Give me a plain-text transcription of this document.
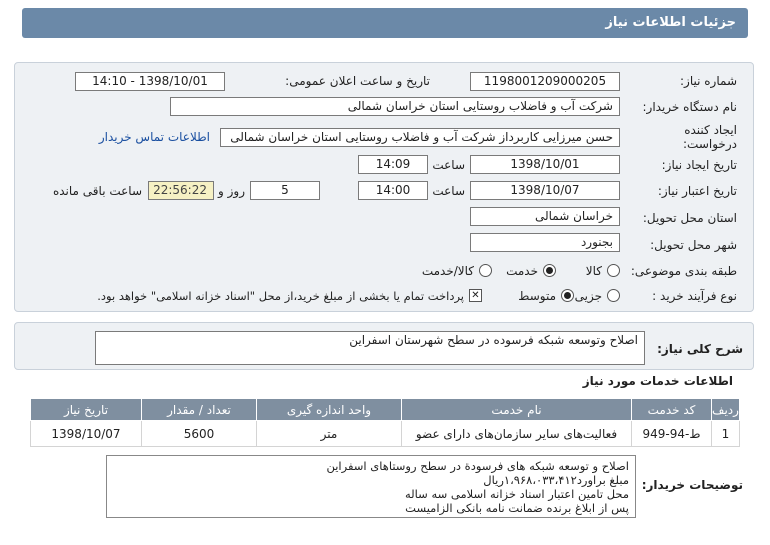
جزئیات اطلاعات نیاز
شماره نیاز:
1198001209000205
تاریخ و ساعت اعلان عمومی:
1398/10/01 - 14:10
نام دستگاه خریدار:
شرکت آب و فاضلاب روستایی استان خراسان شمالی
ایجاد کننده درخواست:
حسن میرزایی کاربرداز شرکت آب و فاضلاب روستایی استان خراسان شمالی
اطلاعات تماس خریدار
تاریخ ایجاد نیاز:
1398/10/01
ساعت
14:09
تاریخ اعتبار نیاز:
1398/10/07
ساعت
14:00
5
روز و
22:56:22
ساعت باقی مانده
استان محل تحویل:
خراسان شمالی
شهر محل تحویل:
بجنورد
طبقه بندی موضوعی:
کالا
خدمت
کالا/خدمت
نوع فرآیند خرید :
جزیی
متوسط
✕
پرداخت تمام یا بخشی از مبلغ خرید،از محل "اسناد خزانه اسلامی" خواهد بود.
شرح کلی نیاز:
اصلاح وتوسعه شبکه فرسوده در سطح شهرستان اسفراین
اطلاعات خدمات مورد نیاز
ردیف	کد خدمت	نام خدمت	واحد اندازه گیری	تعداد / مقدار	تاریخ نیاز
1	ط-94-949	فعالیت‌های سایر سازمان‌های دارای عضو	متر	5600	1398/10/07
توضیحات خریدار:
اصلاح و توسعه شبکه های فرسودة در سطح روستاهای اسفراین
مبلغ براورد۱،۹۶۸،۰۳۳،۴۱۲ریال
محل تامین اعتبار اسناد خزانه اسلامی سه ساله
پس از ابلاغ برنده ضمانت نامه بانکی الزامیست
